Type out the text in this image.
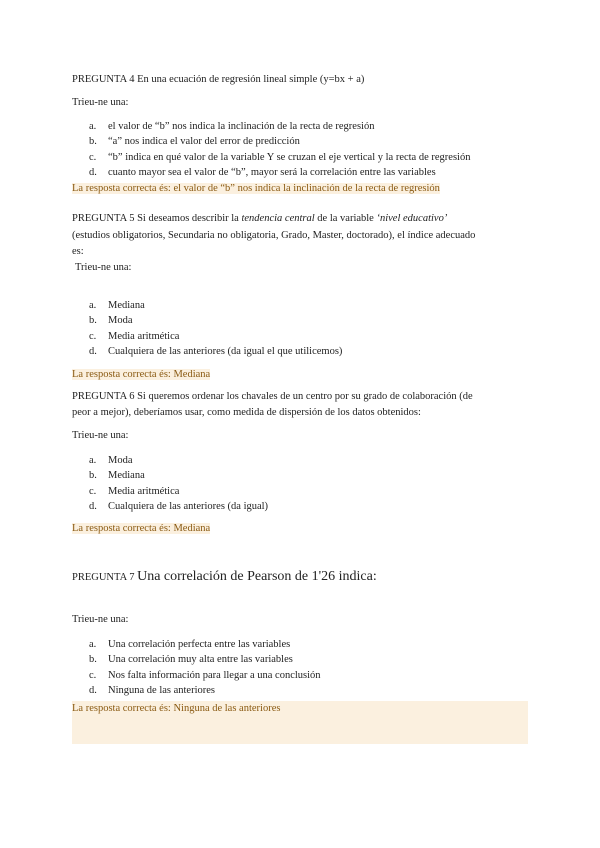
PREGUNTA 4 En una ecuación de regresión lineal simple (y=bx + a)
Trieu-ne una:
a. el valor de “b” nos indica la inclinación de la recta de regresión
b. “a” nos indica el valor del error de predicción
c. “b” indica en qué valor de la variable Y se cruzan el eje vertical y la recta de regresión
d. cuanto mayor sea el valor de “b”, mayor será la correlación entre las variables
La resposta correcta és: el valor de “b” nos indica la inclinación de la recta de regresión
PREGUNTA 5 Si deseamos describir la tendencia central de la variable ‘nivel educativo’
(estudios obligatorios, Secundaria no obligatoria, Grado, Master, doctorado), el índice adecuado
es:
Trieu-ne una:
a. Mediana
b. Moda
c. Media aritmética
d. Cualquiera de las anteriores (da igual el que utilicemos)
La resposta correcta és: Mediana
PREGUNTA 6 Si queremos ordenar los chavales de un centro por su grado de colaboración (de
peor a mejor), deberíamos usar, como medida de dispersión de los datos obtenidos:
Trieu-ne una:
a. Moda
b. Mediana
c. Media aritmética
d. Cualquiera de las anteriores (da igual)
La resposta correcta és: Mediana
PREGUNTA 7 Una correlación de Pearson de 1'26 indica:
Trieu-ne una:
a. Una correlación perfecta entre las variables
b. Una correlación muy alta entre las variables
c. Nos falta información para llegar a una conclusión
d. Ninguna de las anteriores
La resposta correcta és: Ninguna de las anteriores
